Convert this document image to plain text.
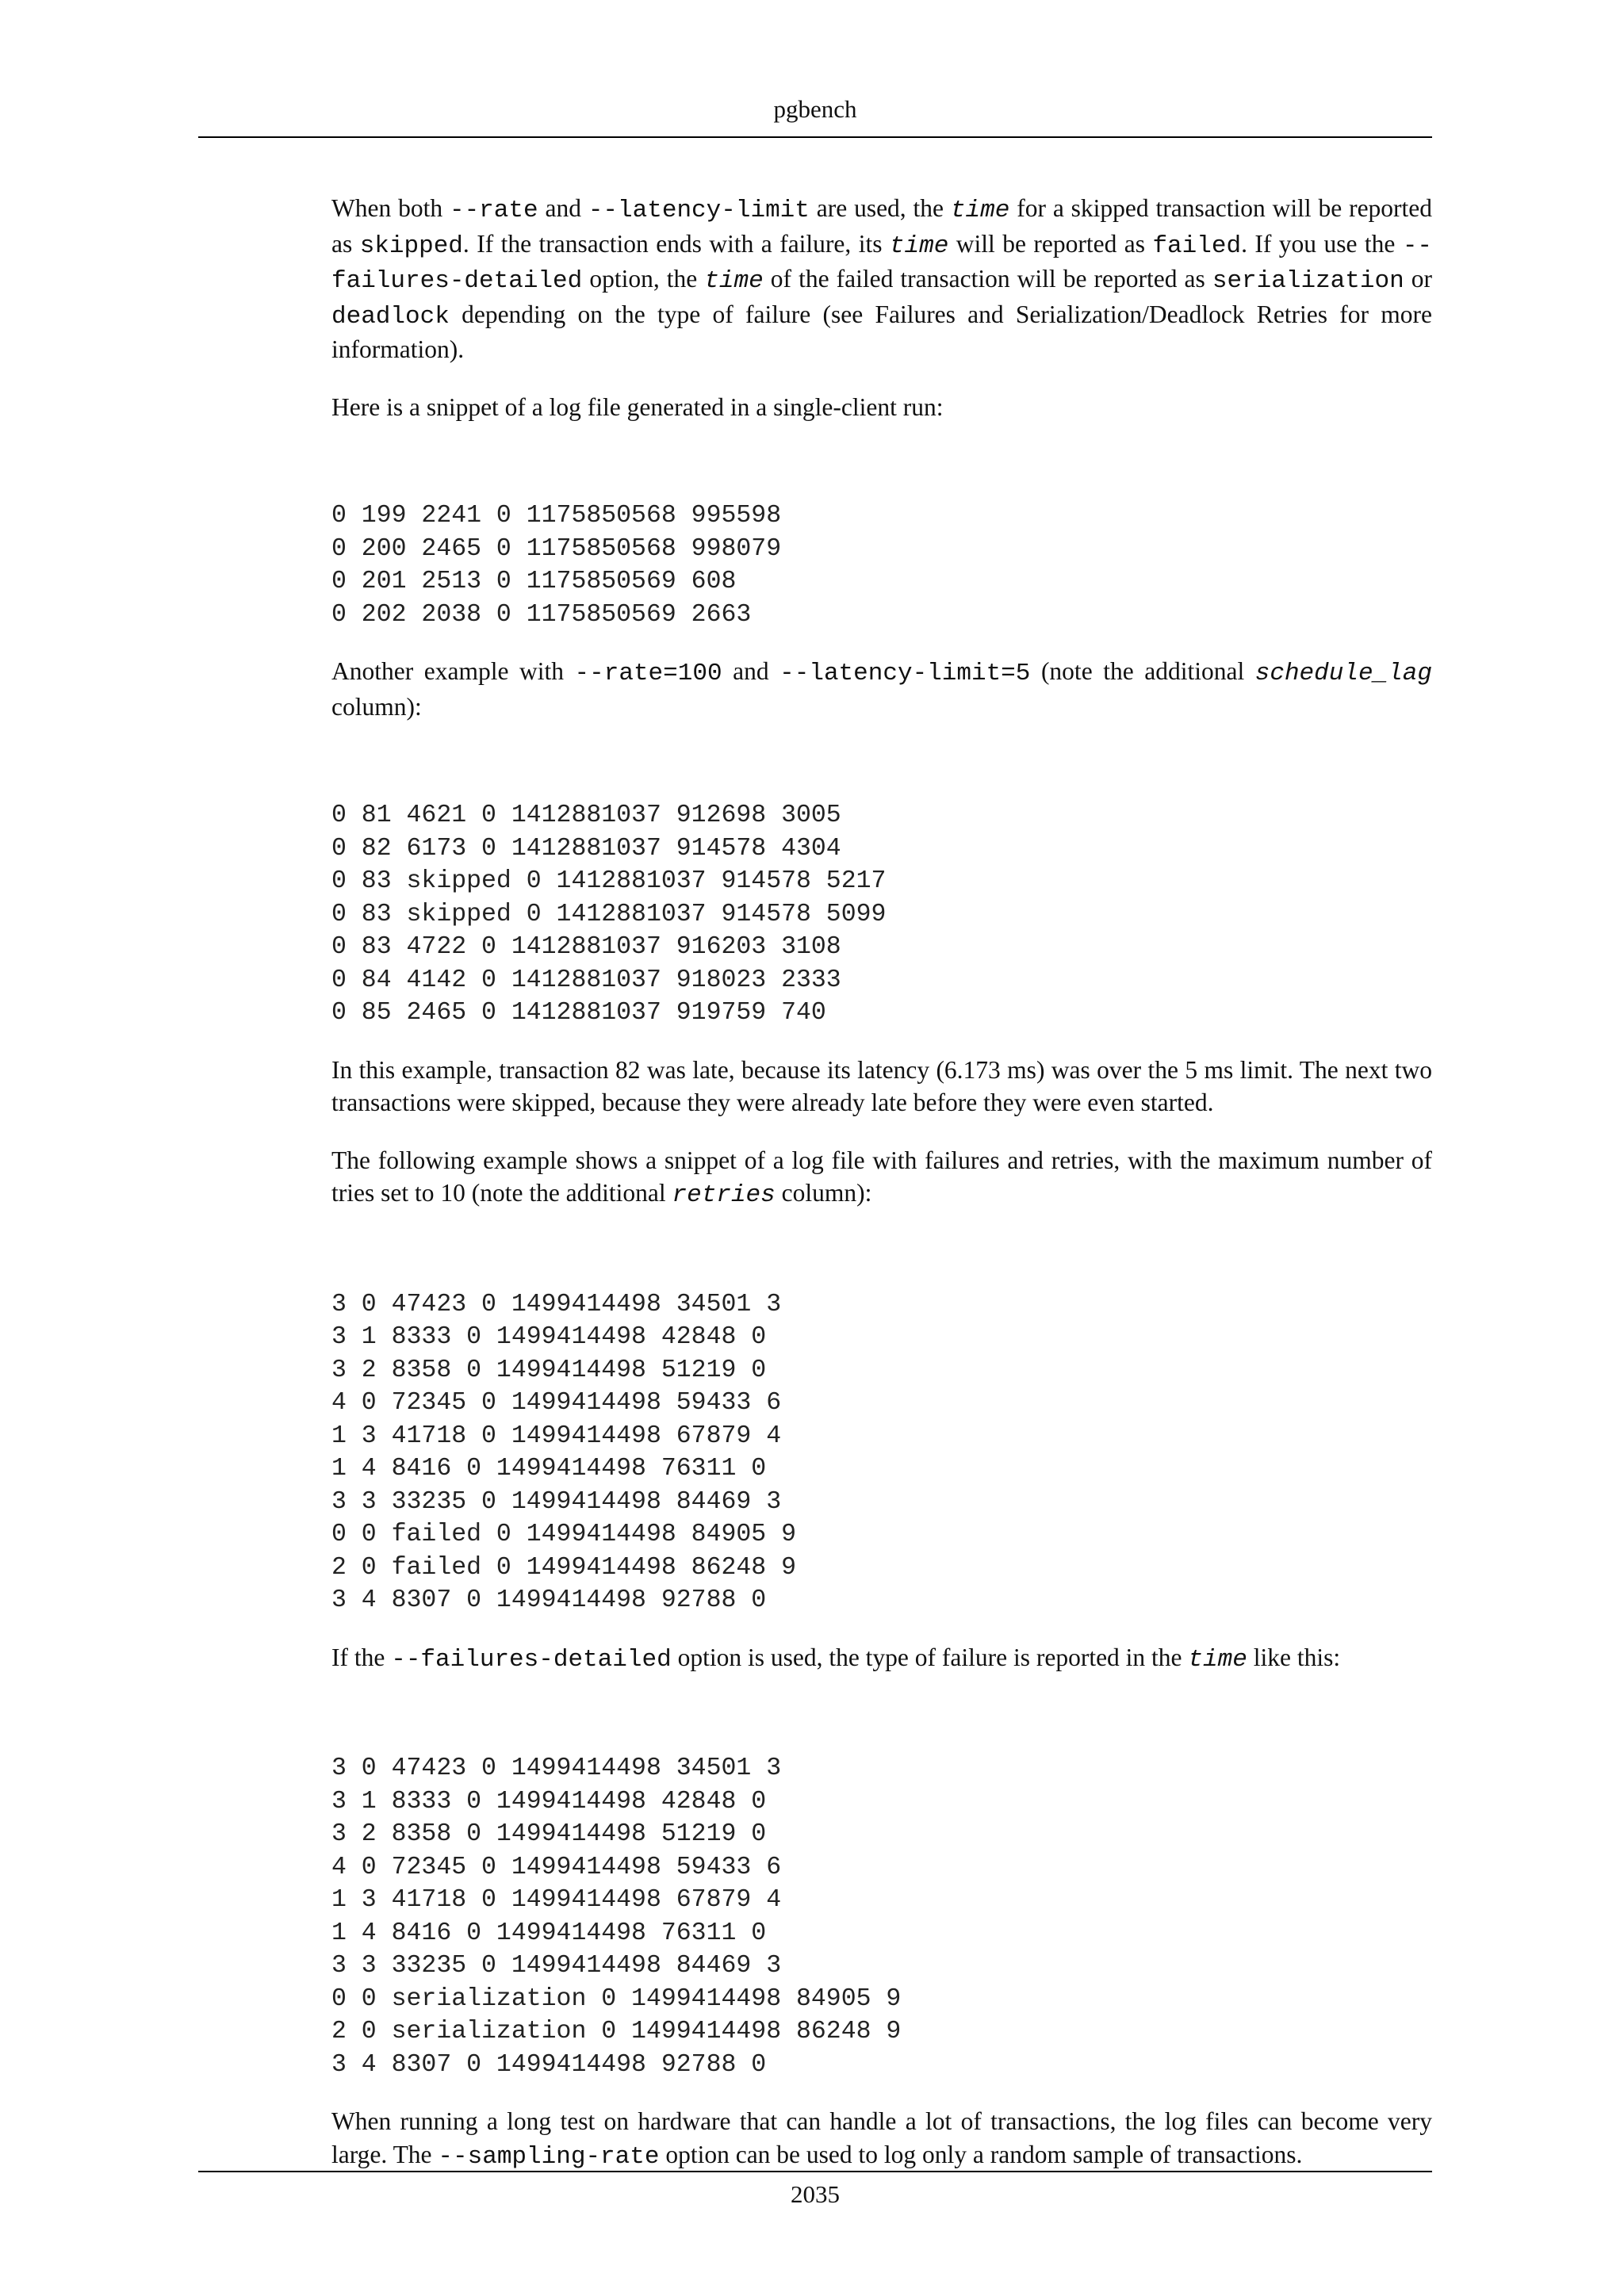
pgbench

When both --rate and --latency-limit are used, the time for a skipped transaction will be reported as skipped. If the transaction ends with a failure, its time will be reported as failed. If you use the --failures-detailed option, the time of the failed transaction will be reported as serialization or deadlock depending on the type of failure (see Failures and Serialization/Deadlock Retries for more information).

Here is a snippet of a log file generated in a single-client run:

0 199 2241 0 1175850568 995598
0 200 2465 0 1175850568 998079
0 201 2513 0 1175850569 608
0 202 2038 0 1175850569 2663

Another example with --rate=100 and --latency-limit=5 (note the additional schedule_lag column):

0 81 4621 0 1412881037 912698 3005
0 82 6173 0 1412881037 914578 4304
0 83 skipped 0 1412881037 914578 5217
0 83 skipped 0 1412881037 914578 5099
0 83 4722 0 1412881037 916203 3108
0 84 4142 0 1412881037 918023 2333
0 85 2465 0 1412881037 919759 740

In this example, transaction 82 was late, because its latency (6.173 ms) was over the 5 ms limit. The next two transactions were skipped, because they were already late before they were even started.

The following example shows a snippet of a log file with failures and retries, with the maximum number of tries set to 10 (note the additional retries column):

3 0 47423 0 1499414498 34501 3
3 1 8333 0 1499414498 42848 0
3 2 8358 0 1499414498 51219 0
4 0 72345 0 1499414498 59433 6
1 3 41718 0 1499414498 67879 4
1 4 8416 0 1499414498 76311 0
3 3 33235 0 1499414498 84469 3
0 0 failed 0 1499414498 84905 9
2 0 failed 0 1499414498 86248 9
3 4 8307 0 1499414498 92788 0

If the --failures-detailed option is used, the type of failure is reported in the time like this:

3 0 47423 0 1499414498 34501 3
3 1 8333 0 1499414498 42848 0
3 2 8358 0 1499414498 51219 0
4 0 72345 0 1499414498 59433 6
1 3 41718 0 1499414498 67879 4
1 4 8416 0 1499414498 76311 0
3 3 33235 0 1499414498 84469 3
0 0 serialization 0 1499414498 84905 9
2 0 serialization 0 1499414498 86248 9
3 4 8307 0 1499414498 92788 0

When running a long test on hardware that can handle a lot of transactions, the log files can become very large. The --sampling-rate option can be used to log only a random sample of transactions.

2035
